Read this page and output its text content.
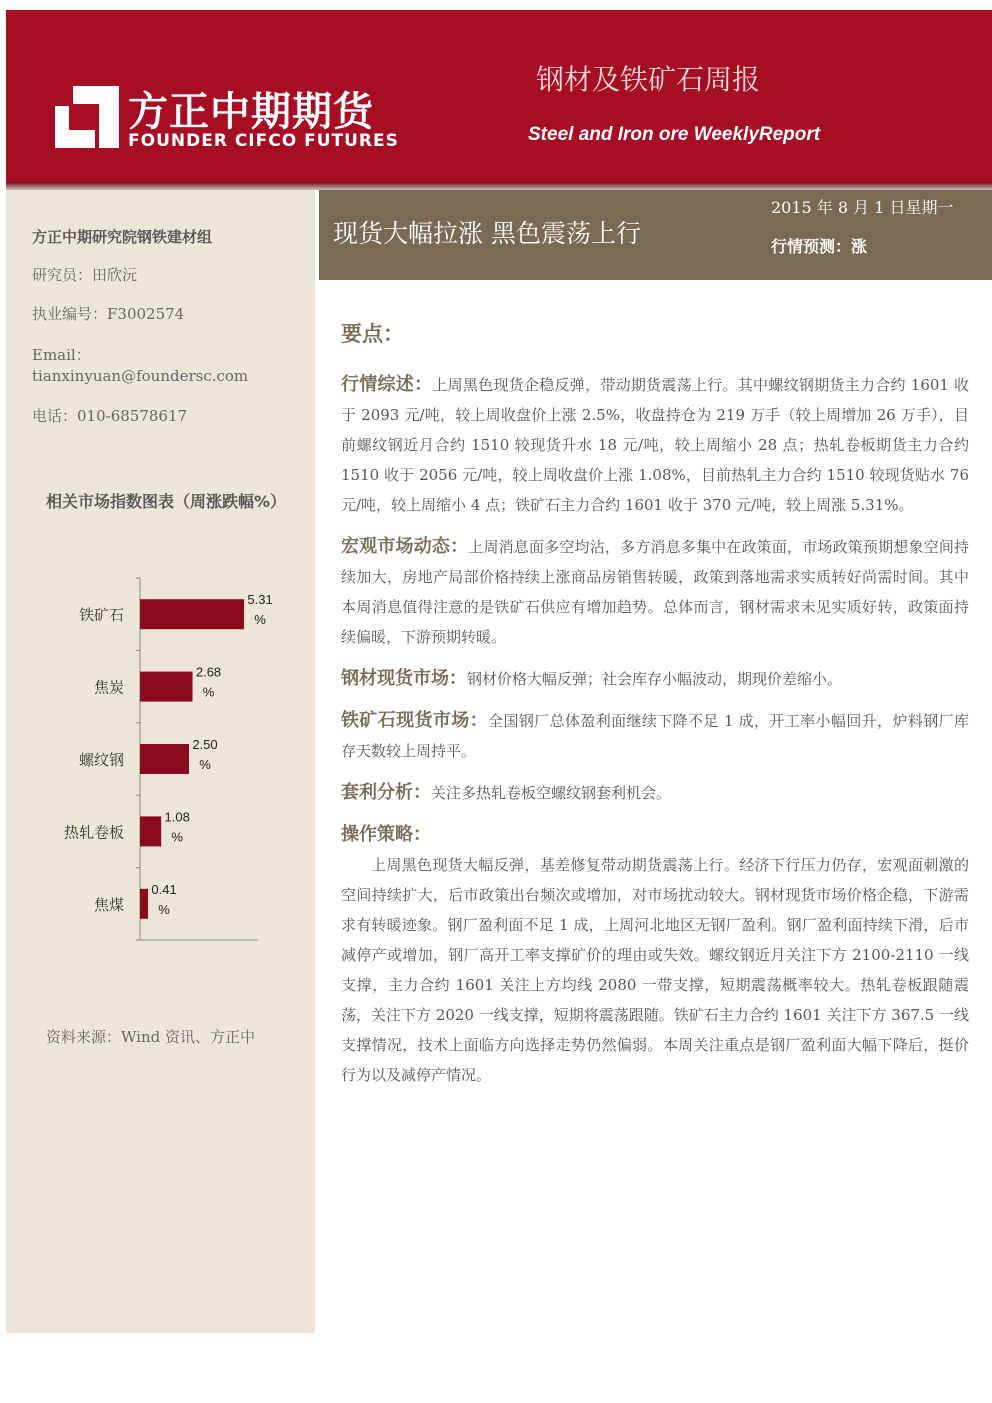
方正中期期货
FOUNDER CIFCO FUTURES
钢材及铁矿石周报
Steel and Iron ore WeeklyReport
方正中期研究院钢铁建材组
研究员：田欣沅
执业编号：F3002574
Email：
tianxinyuan@foundersc.com
电话：010-68578617
相关市场指数图表（周涨跌幅%）
铁矿石
5.31
%
焦炭
2.68
%
螺纹钢
2.50
%
热轧卷板
1.08
%
焦煤
0.41
%
资料来源：Wind 资讯、方正中
现货大幅拉涨 黑色震荡上行
2015 年 8 月 1 日星期一
行情预测：涨
要点：

行情综述：上周黑色现货企稳反弹，带动期货震荡上行。其中螺纹钢期货主力合约 1601 收于 2093 元/吨，较上周收盘价上涨 2.5%，收盘持仓为 219 万手（较上周增加 26 万手），目前螺纹钢近月合约 1510 较现货升水 18 元/吨，较上周缩小 28 点；热轧卷板期货主力合约 1510 收于 2056 元/吨，较上周收盘价上涨 1.08%，目前热轧主力合约 1510 较现货贴水 76 元/吨，较上周缩小 4 点；铁矿石主力合约 1601 收于 370 元/吨，较上周涨 5.31%。

宏观市场动态：上周消息面多空均沾，多方消息多集中在政策面，市场政策预期想象空间持续加大，房地产局部价格持续上涨商品房销售转暖，政策到落地需求实质转好尚需时间。其中本周消息值得注意的是铁矿石供应有增加趋势。总体而言，钢材需求未见实质好转，政策面持续偏暖，下游预期转暖。

钢材现货市场：钢材价格大幅反弹；社会库存小幅波动，期现价差缩小。

铁矿石现货市场：全国钢厂总体盈利面继续下降不足 1 成，开工率小幅回升，炉料钢厂库存天数较上周持平。

套利分析：关注多热轧卷板空螺纹钢套利机会。

操作策略：

上周黑色现货大幅反弹，基差修复带动期货震荡上行。经济下行压力仍存，宏观面刺激的空间持续扩大，后市政策出台频次或增加，对市场扰动较大。钢材现货市场价格企稳，下游需求有转暖迹象。钢厂盈利面不足 1 成，上周河北地区无钢厂盈利。钢厂盈利面持续下滑，后市减停产或增加，钢厂高开工率支撑矿价的理由或失效。螺纹钢近月关注下方 2100-2110 一线支撑，主力合约 1601 关注上方均线 2080 一带支撑，短期震荡概率较大。热轧卷板跟随震荡，关注下方 2020 一线支撑，短期将震荡跟随。铁矿石主力合约 1601 关注下方 367.5 一线支撑情况，技术上面临方向选择走势仍然偏弱。本周关注重点是钢厂盈利面大幅下降后，挺价行为以及减停产情况。
